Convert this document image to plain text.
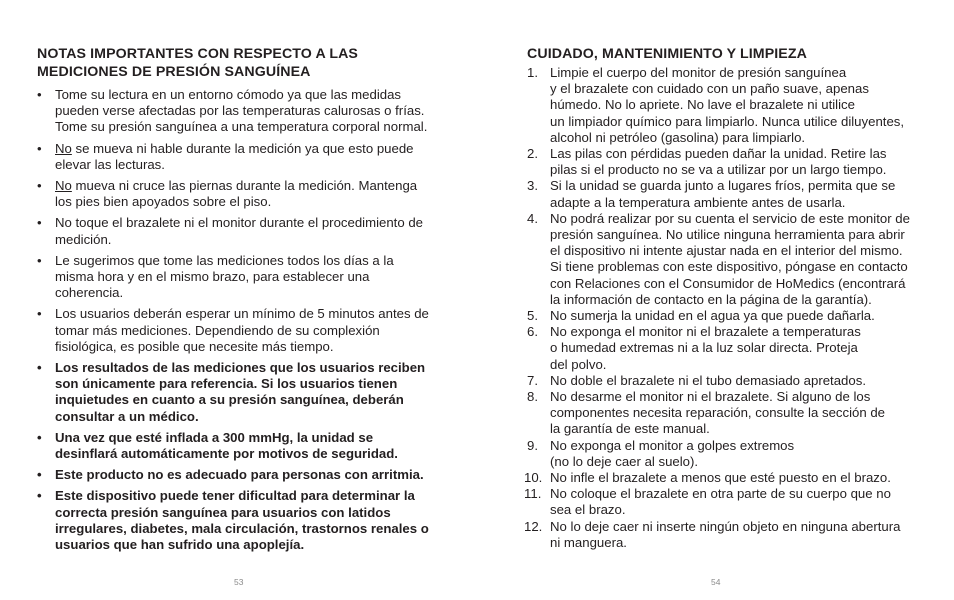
NOTAS IMPORTANTES CON RESPECTO A LAS
MEDICIONES DE PRESIÓN SANGUÍNEA
• Tome su lectura en un entorno cómodo ya que las medidas pueden verse afectadas por las temperaturas calurosas o frías. Tome su presión sanguínea a una temperatura corporal normal.
• No se mueva ni hable durante la medición ya que esto puede elevar las lecturas.
• No mueva ni cruce las piernas durante la medición. Mantenga los pies bien apoyados sobre el piso.
• No toque el brazalete ni el monitor durante el procedimiento de medición.
• Le sugerimos que tome las mediciones todos los días a la misma hora y en el mismo brazo, para establecer una coherencia.
• Los usuarios deberán esperar un mínimo de 5 minutos antes de tomar más mediciones. Dependiendo de su complexión fisiológica, es posible que necesite más tiempo.
• Los resultados de las mediciones que los usuarios reciben son únicamente para referencia. Si los usuarios tienen inquietudes en cuanto a su presión sanguínea, deberán consultar a un médico.
• Una vez que esté inflada a 300 mmHg, la unidad se desinflará automáticamente por motivos de seguridad.
• Este producto no es adecuado para personas con arritmia.
• Este dispositivo puede tener dificultad para determinar la correcta presión sanguínea para usuarios con latidos irregulares, diabetes, mala circulación, trastornos renales o usuarios que han sufrido una apoplejía.
53
CUIDADO, MANTENIMIENTO Y LIMPIEZA
1. Limpie el cuerpo del monitor de presión sanguínea
y el brazalete con cuidado con un paño suave, apenas
húmedo. No lo apriete. No lave el brazalete ni utilice
un limpiador químico para limpiarlo. Nunca utilice diluyentes,
alcohol ni petróleo (gasolina) para limpiarlo.
2. Las pilas con pérdidas pueden dañar la unidad. Retire las
pilas si el producto no se va a utilizar por un largo tiempo.
3. Si la unidad se guarda junto a lugares fríos, permita que se
adapte a la temperatura ambiente antes de usarla.
4. No podrá realizar por su cuenta el servicio de este monitor de
presión sanguínea. No utilice ninguna herramienta para abrir
el dispositivo ni intente ajustar nada en el interior del mismo.
Si tiene problemas con este dispositivo, póngase en contacto
con Relaciones con el Consumidor de HoMedics (encontrará
la información de contacto en la página de la garantía).
5. No sumerja la unidad en el agua ya que puede dañarla.
6. No exponga el monitor ni el brazalete a temperaturas
o humedad extremas ni a la luz solar directa. Proteja
del polvo.
7. No doble el brazalete ni el tubo demasiado apretados.
8. No desarme el monitor ni el brazalete. Si alguno de los
componentes necesita reparación, consulte la sección de
la garantía de este manual.
9. No exponga el monitor a golpes extremos
(no lo deje caer al suelo).
10. No infle el brazalete a menos que esté puesto en el brazo.
11. No coloque el brazalete en otra parte de su cuerpo que no
sea el brazo.
12. No lo deje caer ni inserte ningún objeto en ninguna abertura
ni manguera.
54
